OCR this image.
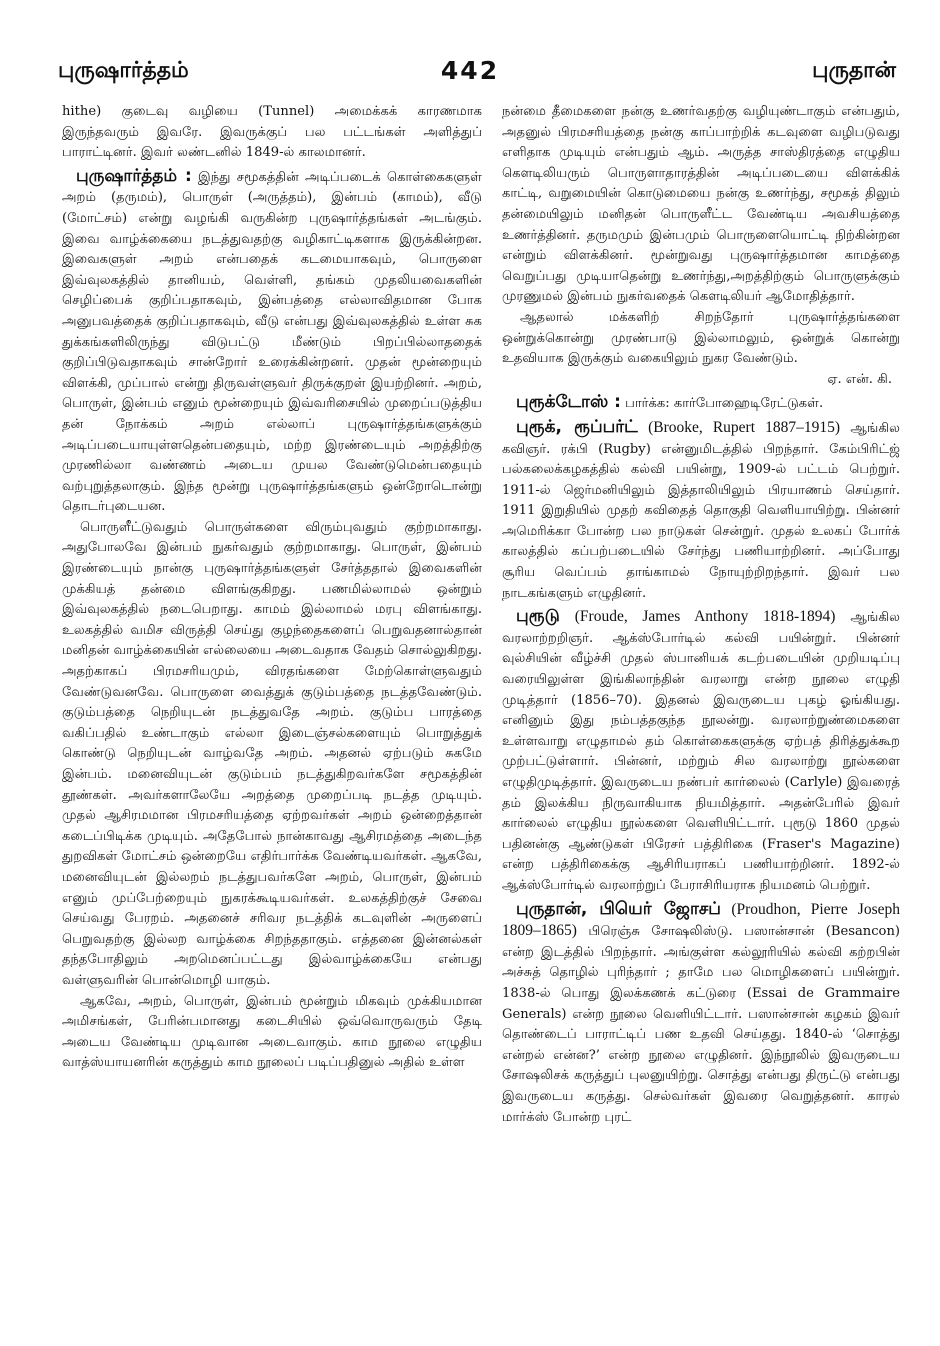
புருஷார்த்தம்	442	புருதான்

hithe) குடைவு வழியை (Tunnel) அமைக்கக் காரணமாக இருந்தவரும் இவரே. இவருக்குப் பல பட்டங்கள் அளித்துப் பாராட்டினர். இவர் லண்டனில் 1849-ல் காலமானர்.

புருஷார்த்தம் : இந்து சமூகத்தின் அடிப்படைக் கொள்கைகளுள் அறம் (தருமம்), பொருள் (அருத்தம்), இன்பம் (காமம்), வீடு (மோட்சம்) என்று வழங்கி வருகின்ற புருஷார்த்தங்கள் அடங்கும். இவை வாழ்க்கையை நடத்துவதற்கு வழிகாட்டிகளாக இருக்கின்றன. இவைகளுள் அறம் என்பதைக் கடமையாகவும், பொருளை இவ்வுலகத்தில் தானியம், வெள்ளி, தங்கம் முதலியவைகளின் செழிப்பைக் குறிப்பதாகவும், இன்பத்தை எல்லாவிதமான போக அனுபவத்தைக் குறிப்பதாகவும், வீடு என்பது இவ்வுலகத்தில் உள்ள சுக துக்கங்களிலிருந்து விடுபட்டு மீண்டும் பிறப்பில்லாததைக் குறிப்பிடுவதாகவும் சான்றோர் உரைக்கின்றனர். முதன் மூன்றையும் விளக்கி, முப்பால் என்று திருவள்ளுவர் திருக்குறள் இயற்றினர். அறம், பொருள், இன்பம் எனும் மூன்றையும் இவ்வரிசையில் முறைப்படுத்திய தன் நோக்கம் அறம் எல்லாப் புருஷார்த்தங்களுக்கும் அடிப்படையாயுள்ளதென்பதையும், மற்ற இரண்டையும் அறத்திற்கு முரணில்லா வண்ணம் அடைய முயல வேண்டுமென்பதையும் வற்புறுத்தலாகும். இந்த மூன்று புருஷார்த்தங்களும் ஒன்றோடொன்று தொடர்புடையன.

பொருளீட்டுவதும் பொருள்களை விரும்புவதும் குற்றமாகாது. அதுபோலவே இன்பம் நுகர்வதும் குற்றமாகாது. பொருள், இன்பம் இரண்டையும் நான்கு புருஷார்த்தங்களுள் சேர்த்ததால் இவைகளின் முக்கியத் தன்மை விளங்குகிறது. பணமில்லாமல் ஒன்றும் இவ்வுலகத்தில் நடைபெறாது. காமம் இல்லாமல் மரபு விளங்காது. உலகத்தில் வமிச விருத்தி செய்து குழந்தைகளைப் பெறுவதனால்தான் மனிதன் வாழ்க்கையின் எல்லையை அடைவதாக வேதம் சொல்லுகிறது. அதற்காகப் பிரமசரியமும், விரதங்களை மேற்கொள்ளுவதும் வேண்டுவனவே. பொருளை வைத்துக் குடும்பத்தை நடத்தவேண்டும். குடும்பத்தை நெறியுடன் நடத்துவதே அறம். குடும்ப பாரத்தை வகிப்பதில் உண்டாகும் எல்லா இடைஞ்சல்களையும் பொறுத்துக் கொண்டு நெறியுடன் வாழ்வதே அறம். அதனல் ஏற்படும் சுகமே இன்பம். மனைவியுடன் குடும்பம் நடத்துகிறவர்களே சமூகத்தின் தூண்கள். அவர்களாலேயே அறத்தை முறைப்படி நடத்த முடியும். முதல் ஆசிரமமான பிரமசரியத்தை ஏற்றவர்கள் அறம் ஒன்றைத்தான் கடைப்பிடிக்க முடியும். அதேபோல் நான்காவது ஆசிரமத்தை அடைந்த துறவிகள் மோட்சம் ஒன்றையே எதிர்பார்க்க வேண்டியவர்கள். ஆகவே, மனைவியுடன் இல்லறம் நடத்துபவர்களே அறம், பொருள், இன்பம் எனும் முப்பேற்றையும் நுகரக்கூடியவர்கள். உலகத்திற்குச் சேவை செய்வது பேரறம். அதனைச் சரிவர நடத்திக் கடவுளின் அருளைப் பெறுவதற்கு இல்லற வாழ்க்கை சிறந்ததாகும். எத்தனை இன்னல்கள் தந்தபோதிலும் அறமெனப்பட்டது இல்வாழ்க்கையே என்பது வள்ளுவரின் பொன்மொழி யாகும்.

ஆகவே, அறம், பொருள், இன்பம் மூன்றும் மிகவும் முக்கியமான அமிசங்கள், பேரின்பமானது கடைசியில் ஒவ்வொருவரும் தேடி அடைய வேண்டிய முடிவான அடைவாகும். காம நூலை எழுதிய வாத்ஸ்யாயனரின் கருத்தும் காம நூலைப் படிப்பதினுல் அதில் உள்ள

நன்மை தீமைகளை நன்கு உணர்வதற்கு வழியுண்டாகும் என்பதும், அதனுல் பிரமசரியத்தை நன்கு காப்பாற்றிக் கடவுளை வழிபடுவது எளிதாக முடியும் என்பதும் ஆம். அருத்த சாஸ்திரத்தை எழுதிய கௌடிலியரும் பொருளாதாரத்தின் அடிப்படையை விளக்கிக் காட்டி, வறுமையின் கொடுமையை நன்கு உணர்ந்து, சமூகத் திலும் தன்மையிலும் மனிதன் பொருளீட்ட வேண்டிய அவசியத்தை உணர்த்தினர். தருமமும் இன்பமும் பொருளையொட்டி நிற்கின்றன என்றும் விளக்கினர். மூன்றுவது புருஷார்த்தமான காமத்தை வெறுப்பது முடியாதென்று உணர்ந்து,அறத்திற்கும் பொருளுக்கும் முரணுமல் இன்பம் நுகர்வதைக் கௌடிலியர் ஆமோதித்தார்.

ஆதலால் மக்களிற் சிறந்தோர் புருஷார்த்தங்களை ஒன்றுக்கொன்று முரண்பாடு இல்லாமலும், ஒன்றுக் கொன்று உதவியாக இருக்கும் வகையிலும் நுகர வேண்டும்.

ஏ. என். கி.

புரூக்டோஸ் : பார்க்க: கார்போஹைடிரேட்டுகள்.

புரூக், ரூப்பர்ட் (Brooke, Rupert 1887–1915) ஆங்கில கவிஞர். ரக்பி (Rugby) என்னுமிடத்தில் பிறந்தார். கேம்பிரிட்ஜ் பல்கலைக்கழகத்தில் கல்வி பயின்று, 1909-ல் பட்டம் பெற்றுர். 1911-ல் ஜெர்மனியிலும் இத்தாலியிலும் பிரயாணம் செய்தார். 1911 இறுதியில் முதற் கவிதைத் தொகுதி வெளியாயிற்று. பின்னர் அமெரிக்கா போன்ற பல நாடுகள் சென்றுர். முதல் உலகப் போர்க் காலத்தில் கப்பற்படையில் சேர்ந்து பணியாற்றினர். அப்போது சூரிய வெப்பம் தாங்காமல் நோயுற்றிறந்தார். இவர் பல நாடகங்களும் எழுதினர்.

புரூடு (Froude, James Anthony 1818-1894) ஆங்கில வரலாற்றறிஞர். ஆக்ஸ்போர்டில் கல்வி பயின்றுர். பின்னர் வுல்சியின் வீழ்ச்சி முதல் ஸ்பானியக் கடற்படையின் முறியடிப்பு வரையிலுள்ள இங்கிலாந்தின் வரலாறு என்ற நூலை எழுதி முடித்தார் (1856–70). இதனல் இவருடைய புகழ் ஓங்கியது. எனினும் இது நம்பத்தகுந்த நூலன்று. வரலாற்றுண்மைகளை உள்ளவாறு எழுதாமல் தம் கொள்கைகளுக்கு ஏற்பத் திரித்துக்கூற முற்பட்டுள்ளார். பின்னர், மற்றும் சில வரலாற்று நூல்களை எழுதிமுடித்தார். இவருடைய நண்பர் கார்லைல் (Carlyle) இவரைத் தம் இலக்கிய நிருவாகியாக நியமித்தார். அதன்பேரில் இவர் கார்லைல் எழுதிய நூல்களை வெளியிட்டார். புரூடு 1860 முதல் பதினன்கு ஆண்டுகள் பிரேசர் பத்திரிகை (Fraser's Magazine) என்ற பத்திரிகைக்கு ஆசிரியராகப் பணியாற்றினர். 1892-ல் ஆக்ஸ்போர்டில் வரலாற்றுப் பேராசிரியராக நியமனம் பெற்றுர்.

புருதான், பியெர் ஜோசப் (Proudhon, Pierre Joseph 1809–1865) பிரெஞ்சு சோஷலிஸ்டு. பஸான்சான் (Besancon) என்ற இடத்தில் பிறந்தார். அங்குள்ள கல்லூரியில் கல்வி கற்றபின் அச்சுத் தொழில் புரிந்தார் ; தாமே பல மொழிகளைப் பயின்றுர். 1838-ல் பொது இலக்கணக் கட்டுரை (Essai de Grammaire Generals) என்ற நூலை வெளியிட்டார். பஸான்சான் கழகம் இவர் தொண்டைப் பாராட்டிப் பண உதவி செய்தது. 1840-ல் ‘சொத்து என்றல் என்ன?’ என்ற நூலை எழுதினர். இந்நூலில் இவருடைய சோஷலிசக் கருத்துப் புலனுயிற்று. சொத்து என்பது திருட்டு என்பது இவருடைய கருத்து. செல்வர்கள் இவரை வெறுத்தனர். காரல் மார்க்ஸ் போன்ற புரட்
